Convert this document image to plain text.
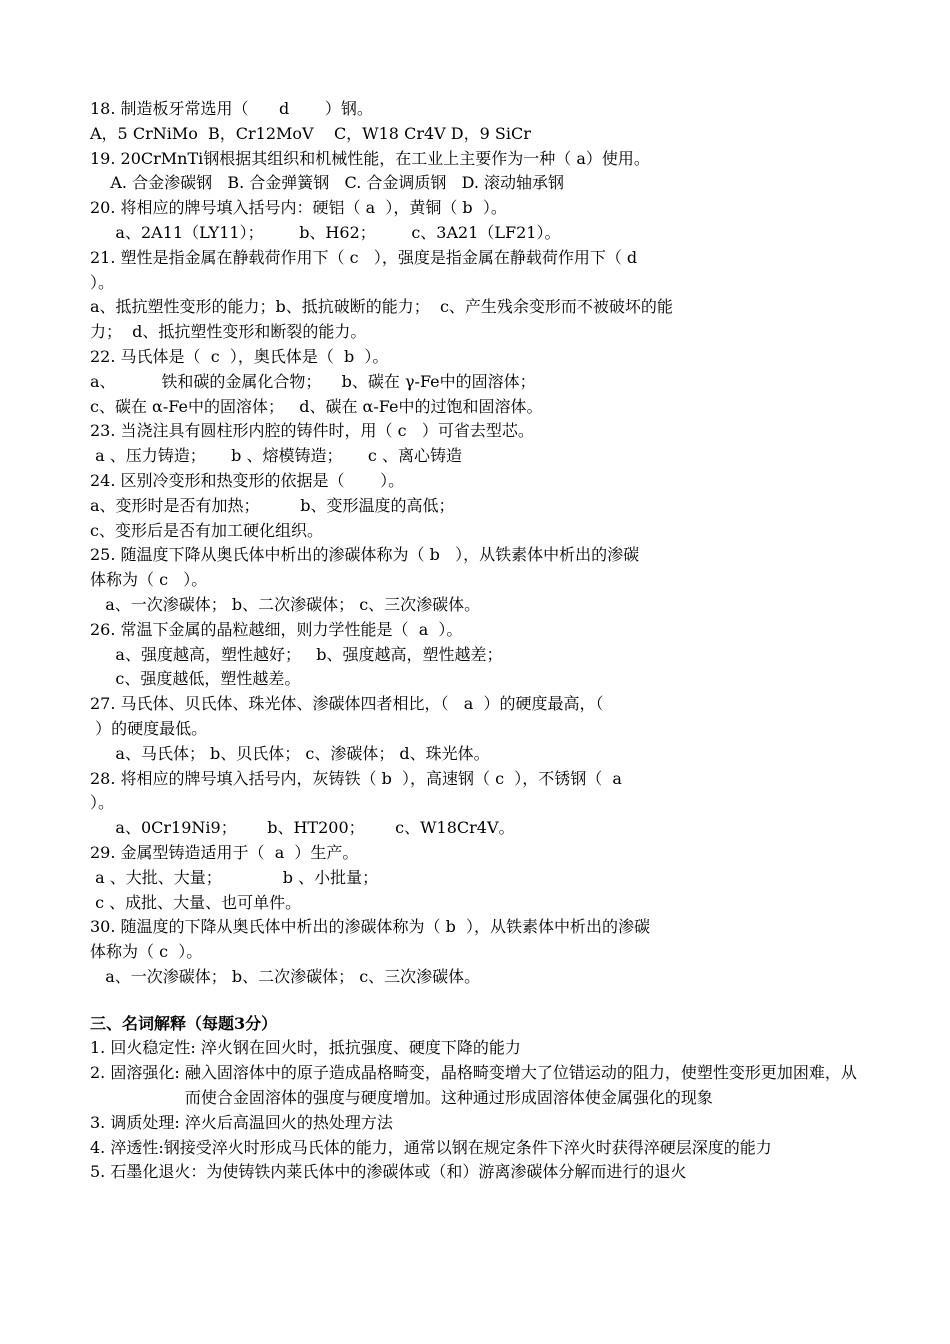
18. 制造板牙常选用（      d       ）钢。
A，5 CrNiMo  B，Cr12MoV    C，W18 Cr4V D，9 SiCr
19. 20CrMnTi钢根据其组织和机械性能，在工业上主要作为一种（ a）使用。
A. 合金渗碳钢   B. 合金弹簧钢   C. 合金调质钢   D. 滚动轴承钢
20. 将相应的牌号填入括号内：硬铝（ a  ），黄铜（ b  ）。
a、2A11（LY11）；       b、H62；       c、3A21（LF21）。
21. 塑性是指金属在静载荷作用下（ c   ），强度是指金属在静载荷作用下（ d
）。
a、抵抗塑性变形的能力；b、抵抗破断的能力；  c、产生残余变形而不被破坏的能
力；  d、抵抗塑性变形和断裂的能力。
22. 马氏体是（  c  ），奥氏体是（  b  ）。
a、         铁和碳的金属化合物；    b、碳在 γ-Fe中的固溶体；
c、碳在 α-Fe中的固溶体；   d、碳在 α-Fe中的过饱和固溶体。
23. 当浇注具有圆柱形内腔的铸件时，用（ c   ）可省去型芯。
a 、压力铸造；     b 、熔模铸造；     c 、离心铸造
24. 区别冷变形和热变形的依据是（       ）。
a、变形时是否有加热；        b、变形温度的高低；
c、变形后是否有加工硬化组织。
25. 随温度下降从奥氏体中析出的渗碳体称为（ b   ），从铁素体中析出的渗碳
体称为（ c   ）。
a、一次渗碳体； b、二次渗碳体； c、三次渗碳体。
26. 常温下金属的晶粒越细，则力学性能是（  a  ）。
a、强度越高，塑性越好；   b、强度越高，塑性越差；
c、强度越低，塑性越差。
27. 马氏体、贝氏体、珠光体、渗碳体四者相比，（   a  ）的硬度最高，（
）的硬度最低。
a、马氏体； b、贝氏体； c、渗碳体； d、珠光体。
28. 将相应的牌号填入括号内，灰铸铁（ b  ），高速钢（ c  ），不锈钢（  a
）。
a、0Cr19Ni9；      b、HT200；      c、W18Cr4V。
29. 金属型铸造适用于（  a  ）生产。
a 、大批、大量；            b 、小批量；
c 、成批、大量、也可单件。
30. 随温度的下降从奥氏体中析出的渗碳体称为（ b  ），从铁素体中析出的渗碳
体称为（ c  ）。
a、一次渗碳体； b、二次渗碳体； c、三次渗碳体。
三、名词解释（每题3分）
1. 回火稳定性: 淬火钢在回火时，抵抗强度、硬度下降的能力
2. 固溶强化: 融入固溶体中的原子造成晶格畸变，晶格畸变增大了位错运动的阻力，使塑性变形更加困难，从而使合金固溶体的强度与硬度增加。这种通过形成固溶体使金属强化的现象
3. 调质处理: 淬火后高温回火的热处理方法
4. 淬透性: 钢接受淬火时形成马氏体的能力，通常以钢在规定条件下淬火时获得淬硬层深度的能力
5. 石墨化退火： 为使铸铁内莱氏体中的渗碳体或（和）游离渗碳体分解而进行的退火
